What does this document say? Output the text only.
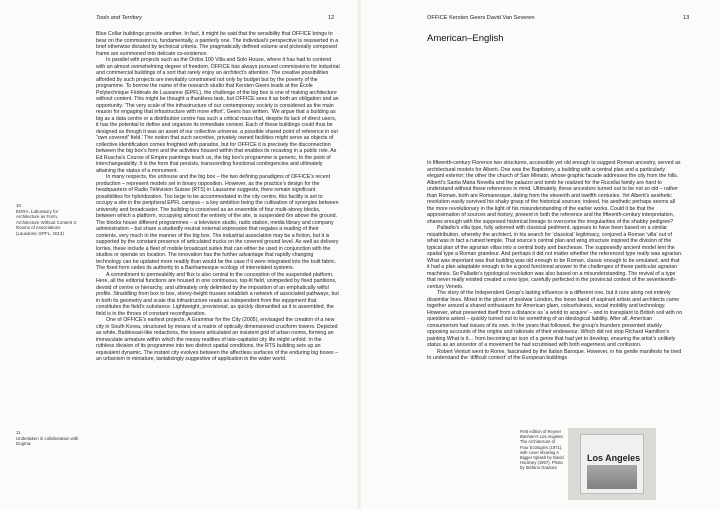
Tools and Territory	12
10
EGRA, Laboratory for Architecture as Form, Architecture Without Content 3: Rooms of Associations (Lausanne: EPFL, 2013)
11
Undertaken in collaboration with Dogma.

Blue Collar buildings provide another. In fact, it might be said that the sensibility that OFFICE brings to bear on the commission is, fundamentally, a painterly one. The individual’s perspective is reasserted in a brief otherwise dictated by technical criteria. The pragmatically defined volume and pictorially composed frame are summoned into delicate co-existence.

In parallel with projects such as the Ordos 100 Villa and Solo House, where it has had to contend with an almost overwhelming degree of freedom, OFFICE has always pursued commissions for industrial and commercial buildings of a sort that rarely enjoy an architect’s attention. The creative possibilities afforded by such projects are inevitably constrained not only by budget but by the poverty of the programme. To borrow the name of the research studio that Kersten Geers leads at the École Polytechnique Fédérale de Lausanne (EPFL), the challenge of the big box is one of making architecture without content. This might be thought a thankless task, but OFFICE sees it as both an obligation and an opportunity. ‘The very scale of the infrastructure of our contemporary society is considered as the main reason for engaging that infrastructure with more effort’, Geers has written. ‘We argue that a building as big as a data centre or a distribution centre has such a critical mass that, despite its lack of direct users, it has the potential to define and organize its immediate context. Each of these buildings could thus be designed as though it was an asset of our collective universe, a possible shared point of reference in our “own covered” field.’ The notion that such secretive, privately owned facilities might serve as objects of collective identification comes freighted with paradox, but for OFFICE it is precisely the disconnection between the big box’s form and the activities housed within that enables its recasting in a public role. As Ed Ruscha’s Course of Empire paintings teach us, the big box’s programme is generic, to the point of interchangeability. It is the form that persists, transcending functional contingencies and ultimately attaining the status of a monument.

In many respects, the unhouse and the big box – the two defining paradigms of OFFICE’s recent production – represent models set in binary opposition. However, as the practice’s design for the headquarters of Radio Télévision Suisse (RTS) in Lausanne suggests, there remain significant possibilities for hybridization. Too large to be accommodated in the city centre, this facility is set to occupy a site in the peripheral EPFL campus – a key ambition being the cultivation of synergies between university and broadcaster. The building is conceived as an ensemble of four multi-storey blocks, between which a platform, occupying almost the entirety of the site, is suspended 6m above the ground. The blocks house different programmes – a television studio, radio station, media library and company administration – but share a studiedly neutral external expression that negates a reading of their contents, very much in the manner of the big box. The industrial association may be a fiction, but it is supported by the constant presence of articulated trucks on the covered ground level. As well as delivery lorries, these include a fleet of mobile broadcast suites that can either be used in conjunction with the studios or operate on location. The innovation has the further advantage that rapidly changing technology can be updated more readily than would be the case if it were integrated into the built fabric. The fixed form cedes its authority to a Banhamesque ecology of interrelated systems.

A commitment to permeability and flux is also central to the conception of the suspended platform. Here, all the editorial functions are housed in one continuous, top-lit field, unimpeded by fixed partitions, devoid of centre or hierarchy, and ultimately only delimited by the imposition of an emphatically wilful profile. Straddling from box to box, storey-height trusses establish a network of associated pathways, but in both its geometry and scale this infrastructure reads as independent from the equipment that constitutes the field’s substance. Lightweight, provisional, as quickly dismantled as it is assembled, the field is in the throes of constant reconfiguration.

One of OFFICE’s earliest projects, A Grammar for the City (2005), envisaged the creation of a new city in South Korea, structured by means of a matrix of optically dimensioned cruciform towers. Depicted as white, Baldessari-like redactions, the towers articulated an insistent grid of urban rooms, forming an immaculate armature within which the messy realities of late-capitalist city life might unfold. In the ruthless division of its programme into two distinct spatial conditions, the RTS building sets up an equivalent dynamic. The instant city evolves between the affectless surfaces of the enduring big boxes – an urbanism in miniature, tantalisingly suggestive of application in the wider world.

OFFICE Kersten Geers David Van Severen	13
American–English

In fifteenth-century Florence two structures, accessible yet old enough to suggest Roman ancestry, served as architectural models for Alberti. One was the Baptistery, a building with a central plan and a particularly elegant exterior; the other the church of San Miniato, whose graphic facade addresses the city from the hills. Alberti’s Santa Maria Novella and the palazzo and tomb he realized for the Rucellai family are hard to understand without these references in mind. Ultimately, these ancestors turned out to be not so old – rather than Roman, both are Romanesque, dating from the eleventh and twelfth centuries. Yet Alberti’s aesthetic revolution easily survived his shaky grasp of the historical sources; indeed, his aesthetic perhaps seems all the more revolutionary in the light of his misunderstanding of the earlier works. Could it be that the approximation of sources and history, present in both the reference and the fifteenth-century interpretation, shares enough with the supposed historical lineage to overcome the irregularities of the shabby pedigree?

Palladio’s villa type, fully adorned with classical pediment, appears to have been based on a similar misattribution, whereby the architect, in his search for ‘classical’ legitimacy, conjured a Roman ‘villa’ out of what was in fact a ruined temple. That source’s central plan and wing structure inspired the division of the typical plan of the agrarian villas into a central body and barchesse. The supposedly ancient model lent the spatial type a Roman grandeur. And perhaps it did not matter whether the referenced type really was agrarian. What was important was that building was old enough to be Roman, classic enough to be emulated, and that it had a plan adaptable enough to be a good functional answer to the challenges of these particular agrarian machines. So Palladio’s typological revolution was also based on a misunderstanding. The revival of a type that never really existed created a new type, carefully perfected in the provincial context of the seventeenth-century Veneto.

The story of the Independent Group’s lasting influence is a different one, but it runs along not entirely dissimilar lines. Mired in the gloom of postwar London, the loose band of aspirant artists and architects came together around a shared enthusiasm for American glam, colourfulness, social mobility and technology. However, what presented itself from a distance as ‘a world to acquire’ – and to transplant to British soil with no questions asked – quickly turned out to be something of an ideological liability. After all, American consumerism had issues of its own. In the years that followed, the group’s founders presented starkly opposing accounts of the origins and rationale of their endeavour. Which did not stop Richard Hamilton’s painting What is it… from becoming an icon of a genre that had yet to develop, ensuring the artist’s unlikely status as an ancestor of a movement he had scrutinised with both eagerness and confusion.

Robert Venturi went to Rome, fascinated by the Italian Baroque. However, in his gentle manifesto he tried to understand the ‘difficult context’ of the European buildings

First edition of Reyner Banham’s Los Angeles: The Architecture of Four Ecologies (1971), with cover showing A Bigger Splash by David Hockney (1967). Photo by Stefano Graziani
Los Angeles
